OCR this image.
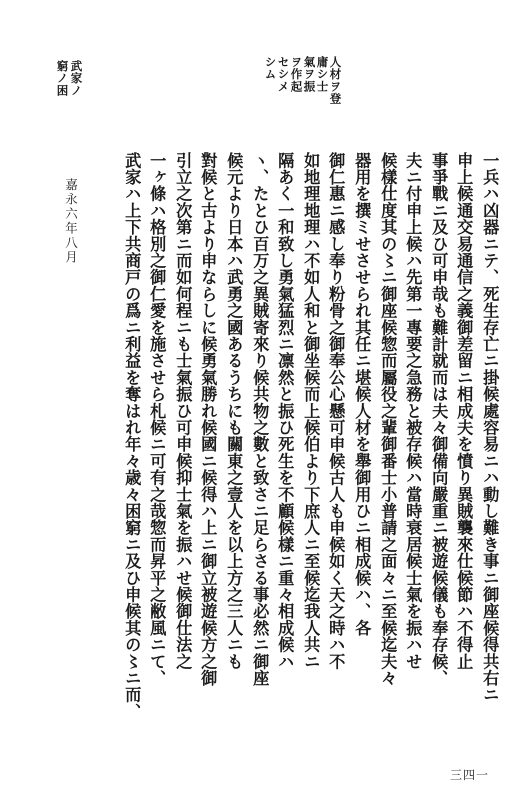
人材ヲ登
庸シ士
氣ヲ振
ヲ作起
セシメ
シム
武家ノ
窮ノ困
一兵ハ凶器ニテ、死生存亡ニ掛候處容易ニハ動し難き事ニ御座候得共右ニ
申上候通交易通信之義御差留ニ相成夫を憤り異賊襲來仕候節ハ不得止
事爭戰ニ及ひ可申哉も難計就而は夫々御備向嚴重ニ被遊候儀も奉存候、
夫ニ付申上候ハ先第一專要之急務と被存候ハ當時衰居候士氣を振ハせ
候樣仕度其の〻ニ御座候惣而屬役之輩御番士小普請之面々ニ至候迄夫々
器用を撰ミせさせられ其任ニ堪候人材を舉御用ひニ相成候ハ、各
御仁惠ニ感し奉り粉骨之御奉公心懸可申候古人も申候如く天之時ハ不
如地理地理ハ不如人和と御坐候而上候伯より下庶人ニ至候迄我人共ニ
隔あく一和致し勇氣猛烈ニ凛然と振ひ死生を不顧候樣ニ重々相成候ハ
ヽ、たとひ百万之異賊寄來り候共物之數と致さニ足らさる事必然ニ御座
候元より日本ハ武勇之國あるうちにも關東之壹人を以上方之三人ニも
對候と古より申ならしに候勇氣勝れ候國ニ候得ハ上ニ御立被遊候方之御
引立之次第ニ而如何程ニも士氣振ひ可申候抑士氣を振ハせ候御仕法之
一ヶ條ハ格別之御仁愛を施させら札候ニ可有之哉惣而昇平之敝風ニて、
武家ハ上下共商戸の爲ニ利益を奪はれ年々歳々困窮ニ及ひ申候其の〻ニ而、
嘉永六年八月
三四一
